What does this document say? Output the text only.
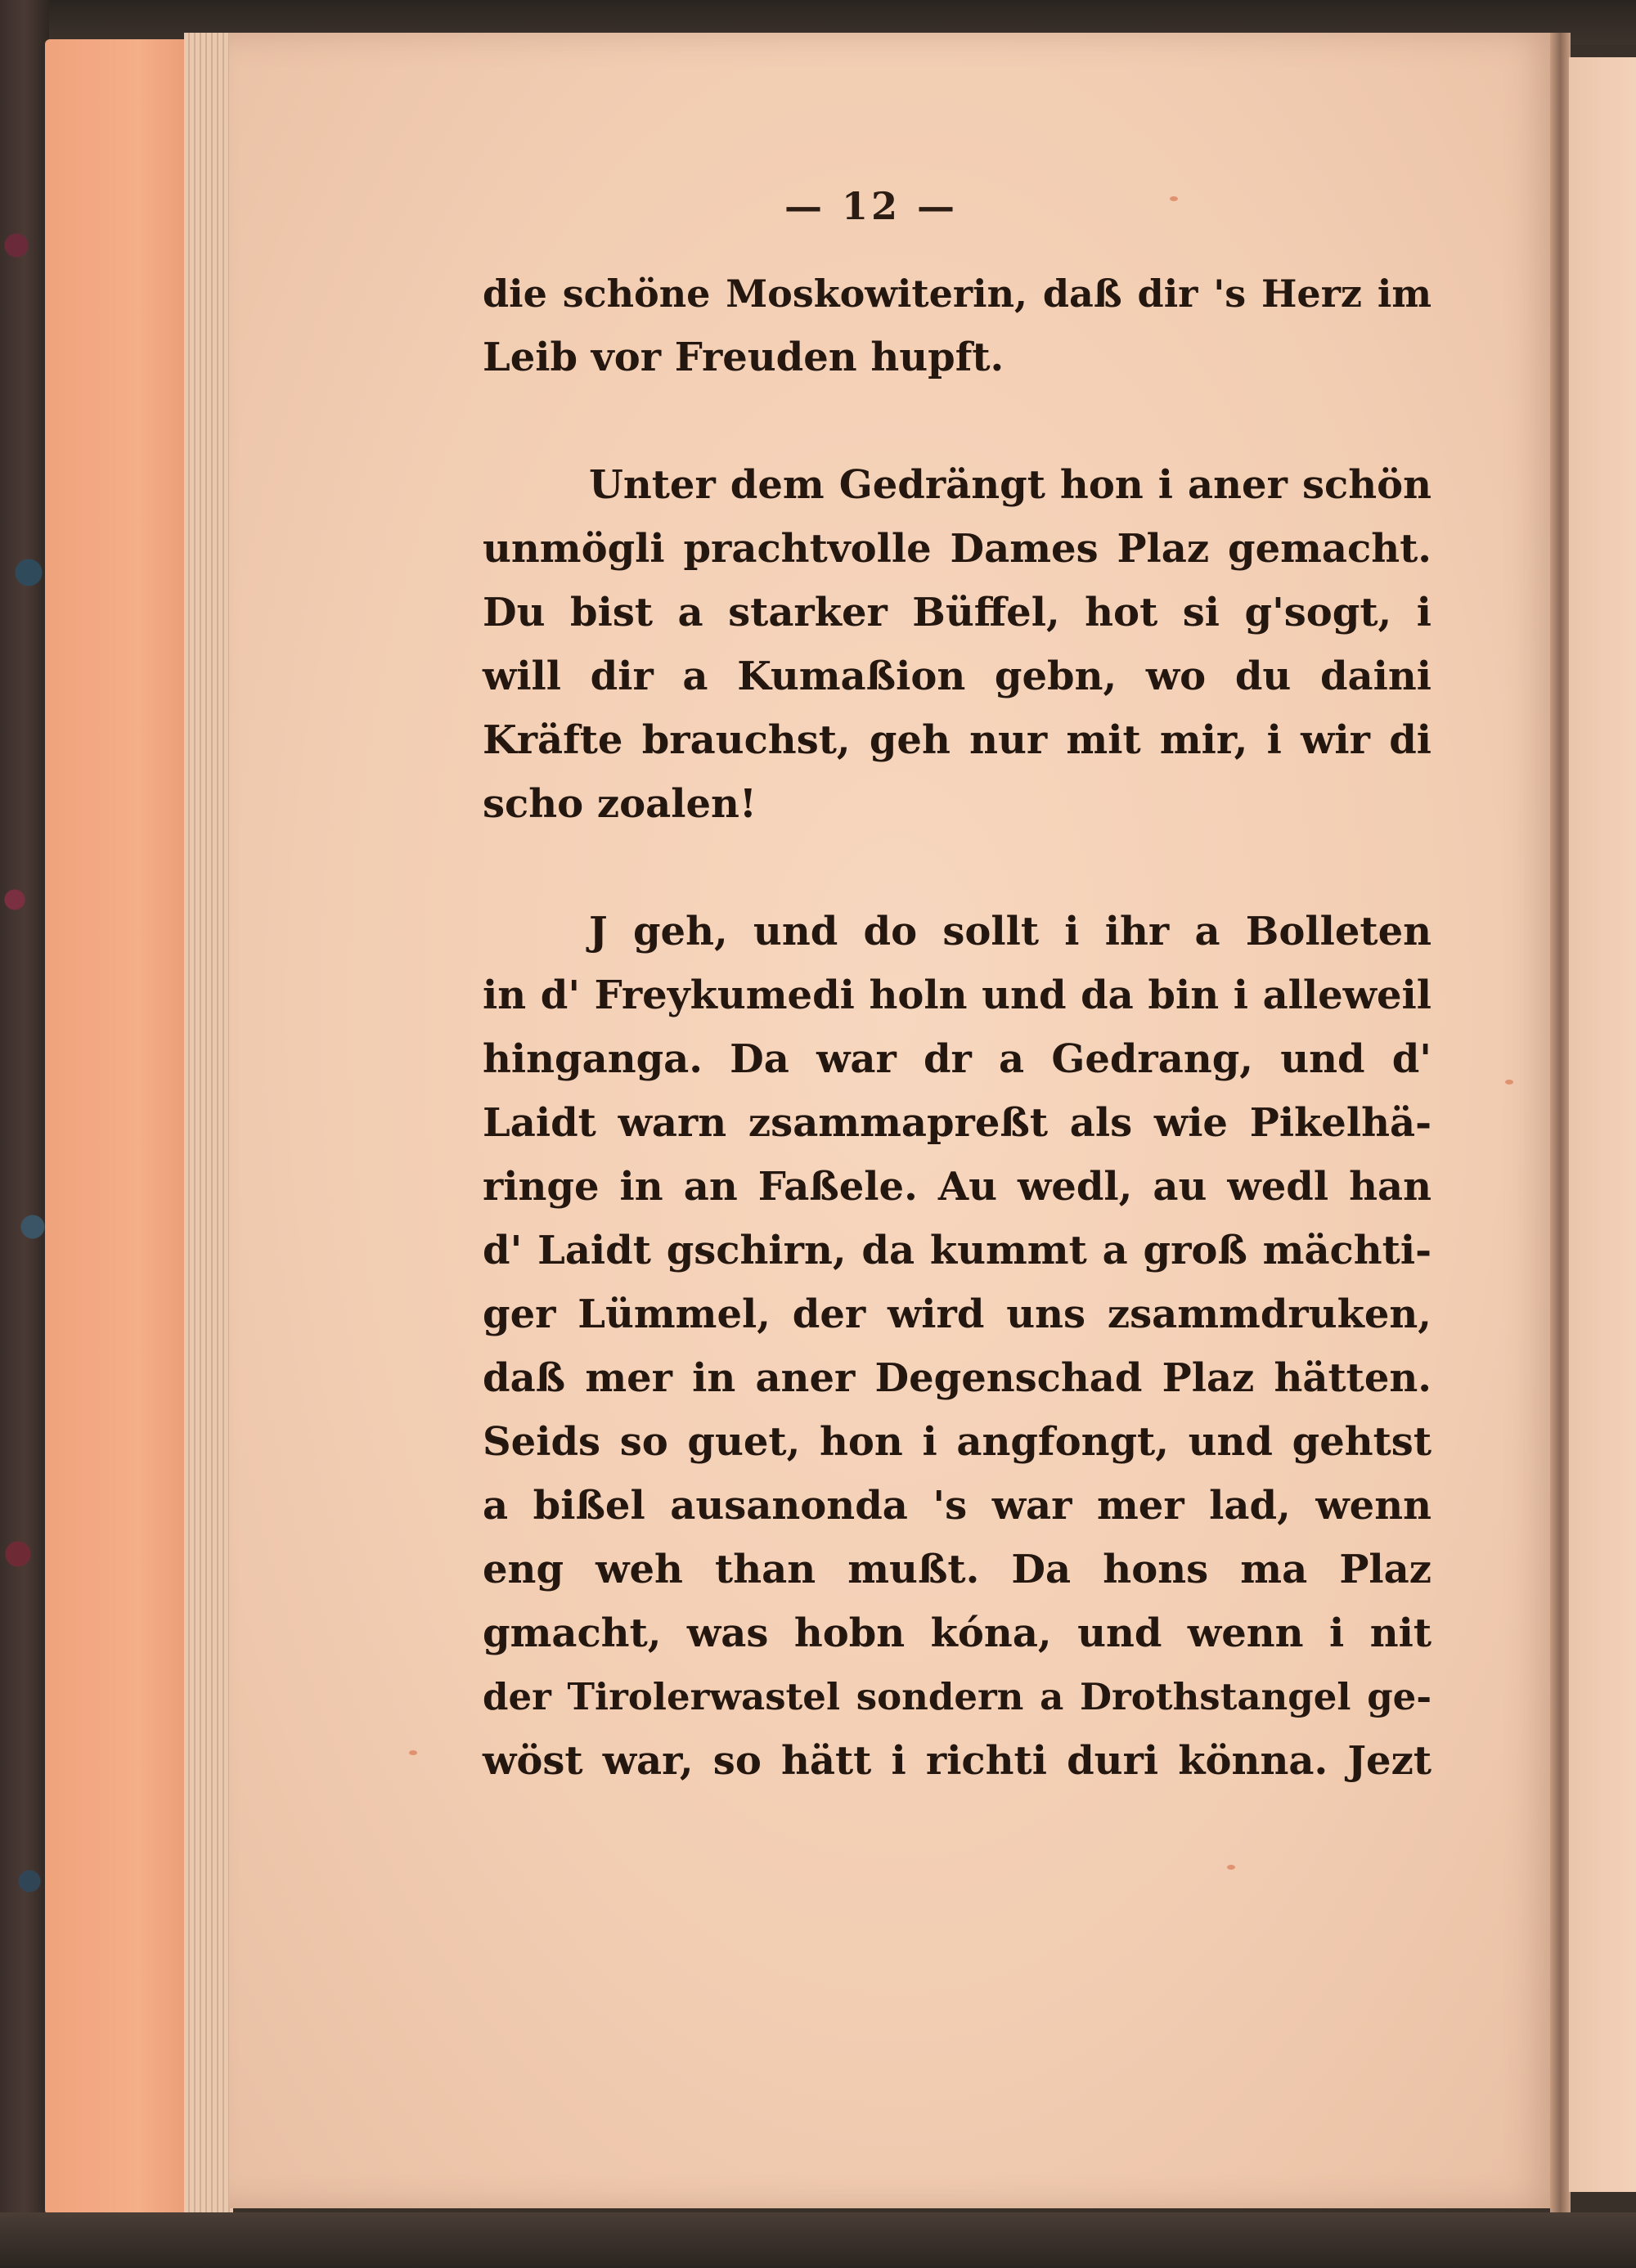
— 12 —
die schöne Moskowiterin, daß dir 's Herz im
Leib vor Freuden hupft.
Unter dem Gedrängt hon i aner schön
unmögli prachtvolle Dames Plaz gemacht.
Du bist a starker Büffel, hot si g'sogt, i
will dir a Kumaßion gebn, wo du daini
Kräfte brauchst, geh nur mit mir, i wir di
scho zoalen!
J geh, und do sollt i ihr a Bolleten
in d' Freykumedi holn und da bin i alleweil
hinganga. Da war dr a Gedrang, und d'
Laidt warn zsammapreßt als wie Pikelhä-
ringe in an Faßele. Au wedl, au wedl han
d' Laidt gschirn, da kummt a groß mächti-
ger Lümmel, der wird uns zsammdruken,
daß mer in aner Degenschad Plaz hätten.
Seids so guet, hon i angfongt, und gehtst
a bißel ausanonda 's war mer lad, wenn
eng weh than mußt. Da hons ma Plaz
gmacht, was hobn kóna, und wenn i nit
der Tirolerwastel sondern a Drothstangel ge-
wöst war, so hätt i richti duri könna. Jezt
